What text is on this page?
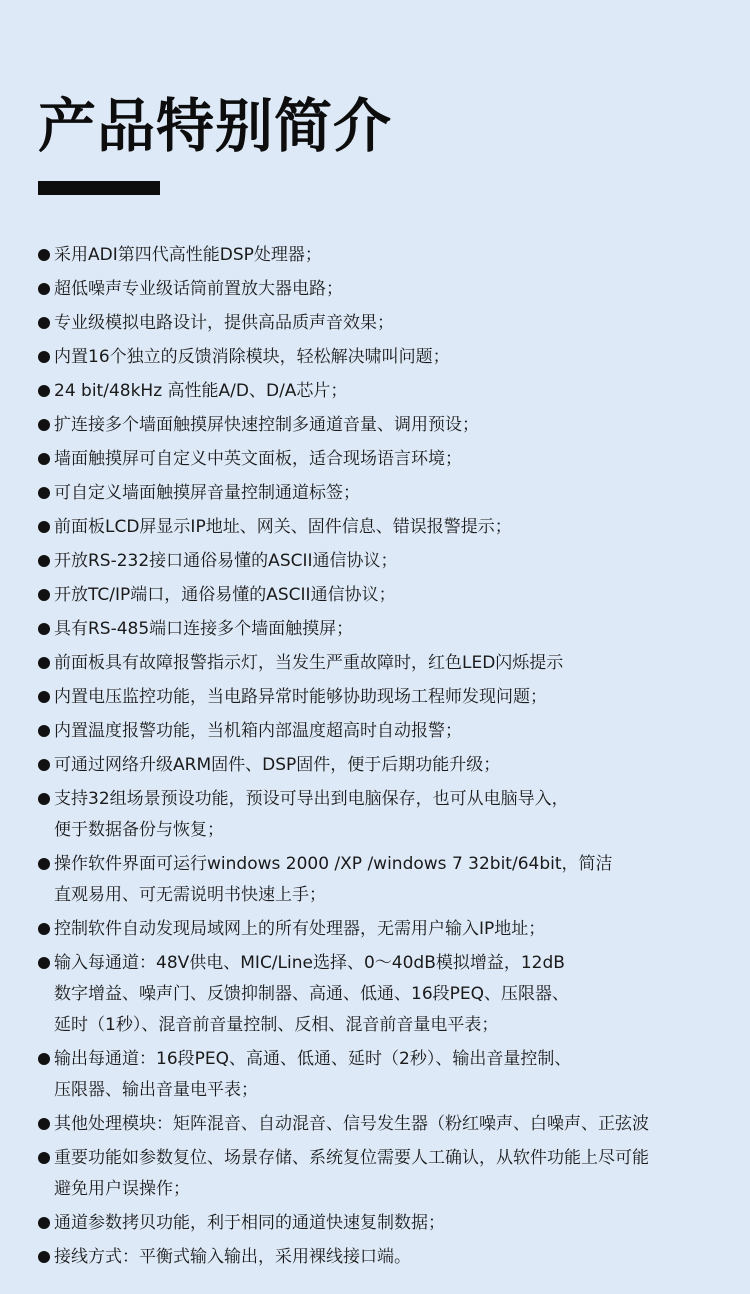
产品特别简介
采用ADI第四代高性能DSP处理器；
超低噪声专业级话筒前置放大器电路；
专业级模拟电路设计，提供高品质声音效果；
内置16个独立的反馈消除模块，轻松解决啸叫问题；
24 bit/48kHz 高性能A/D、D/A芯片；
扩连接多个墙面触摸屏快速控制多通道音量、调用预设；
墙面触摸屏可自定义中英文面板，适合现场语言环境；
可自定义墙面触摸屏音量控制通道标签；
前面板LCD屏显示IP地址、网关、固件信息、错误报警提示；
开放RS-232接口通俗易懂的ASCII通信协议；
开放TC/IP端口，通俗易懂的ASCII通信协议；
具有RS-485端口连接多个墙面触摸屏；
前面板具有故障报警指示灯，当发生严重故障时，红色LED闪烁提示
内置电压监控功能，当电路异常时能够协助现场工程师发现问题；
内置温度报警功能，当机箱内部温度超高时自动报警；
可通过网络升级ARM固件、DSP固件，便于后期功能升级；
支持32组场景预设功能，预设可导出到电脑保存，也可从电脑导入，
便于数据备份与恢复；
操作软件界面可运行windows 2000 /XP /windows 7 32bit/64bit，简洁
直观易用、可无需说明书快速上手；
控制软件自动发现局域网上的所有处理器，无需用户输入IP地址；
输入每通道：48V供电、MIC/Line选择、0～40dB模拟增益，12dB
数字增益、噪声门、反馈抑制器、高通、低通、16段PEQ、压限器、
延时（1秒）、混音前音量控制、反相、混音前音量电平表；
输出每通道：16段PEQ、高通、低通、延时（2秒）、输出音量控制、
压限器、输出音量电平表；
其他处理模块：矩阵混音、自动混音、信号发生器（粉红噪声、白噪声、正弦波
重要功能如参数复位、场景存储、系统复位需要人工确认，从软件功能上尽可能
避免用户误操作；
通道参数拷贝功能，利于相同的通道快速复制数据；
接线方式：平衡式输入输出，采用裸线接口端。
